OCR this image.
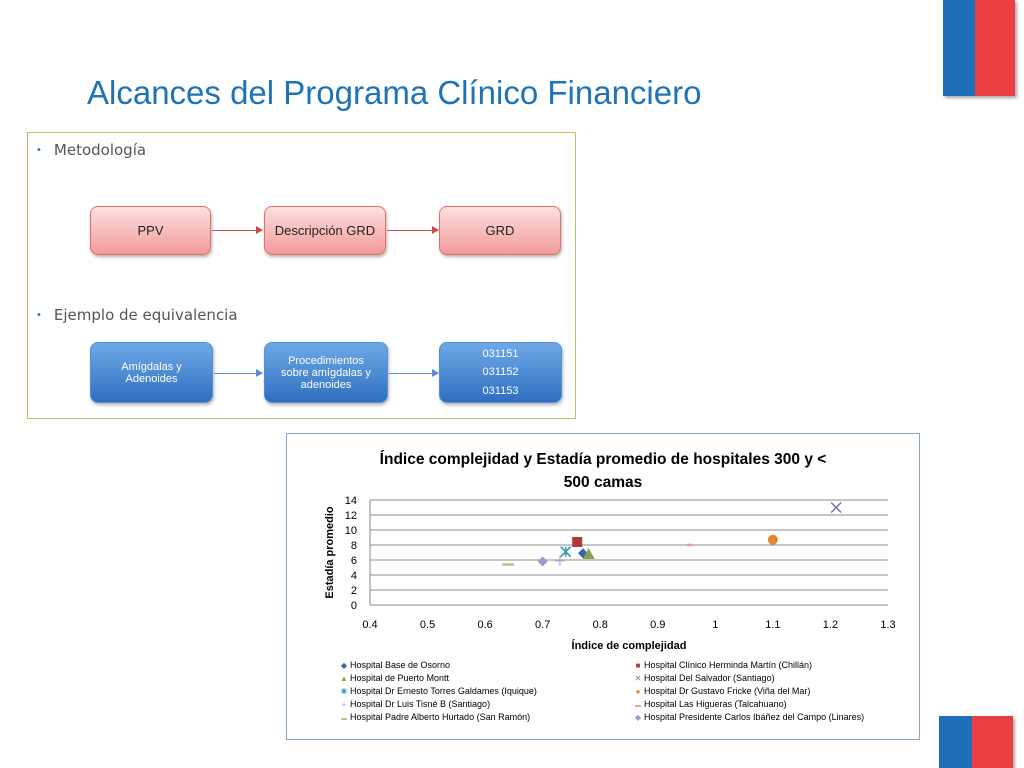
Alcances del Programa Clínico Financiero
• Metodología
PPV	Descripción GRD	GRD
• Ejemplo de equivalencia
Amígdalas y Adenoides
Procedimientos sobre amígdalas y adenoides
031151
031152
031153
Índice complejidad y Estadía promedio de hospitales 300 y <
500 camas
0
2
4
6
8
10
12
14
0.4	0.5	0.6	0.7	0.8	0.9	1	1.1	1.2	1.3
Índice de complejidad
Estadía promedio
◆ Hospital Base de Osorno	■ Hospital Clínico Herminda Martín (Chillán)
▲ Hospital de Puerto Montt	✕ Hospital Del Salvador (Santiago)
✱ Hospital Dr Ernesto Torres Galdames (Iquique)	● Hospital Dr Gustavo Fricke (Viña del Mar)
+ Hospital Dr Luis Tisné B (Santiago)	▬ Hospital Las Higueras (Talcahuano)
▬ Hospital Padre Alberto Hurtado (San Ramón)	◆ Hospital Presidente Carlos Ibáñez del Campo (Linares)
